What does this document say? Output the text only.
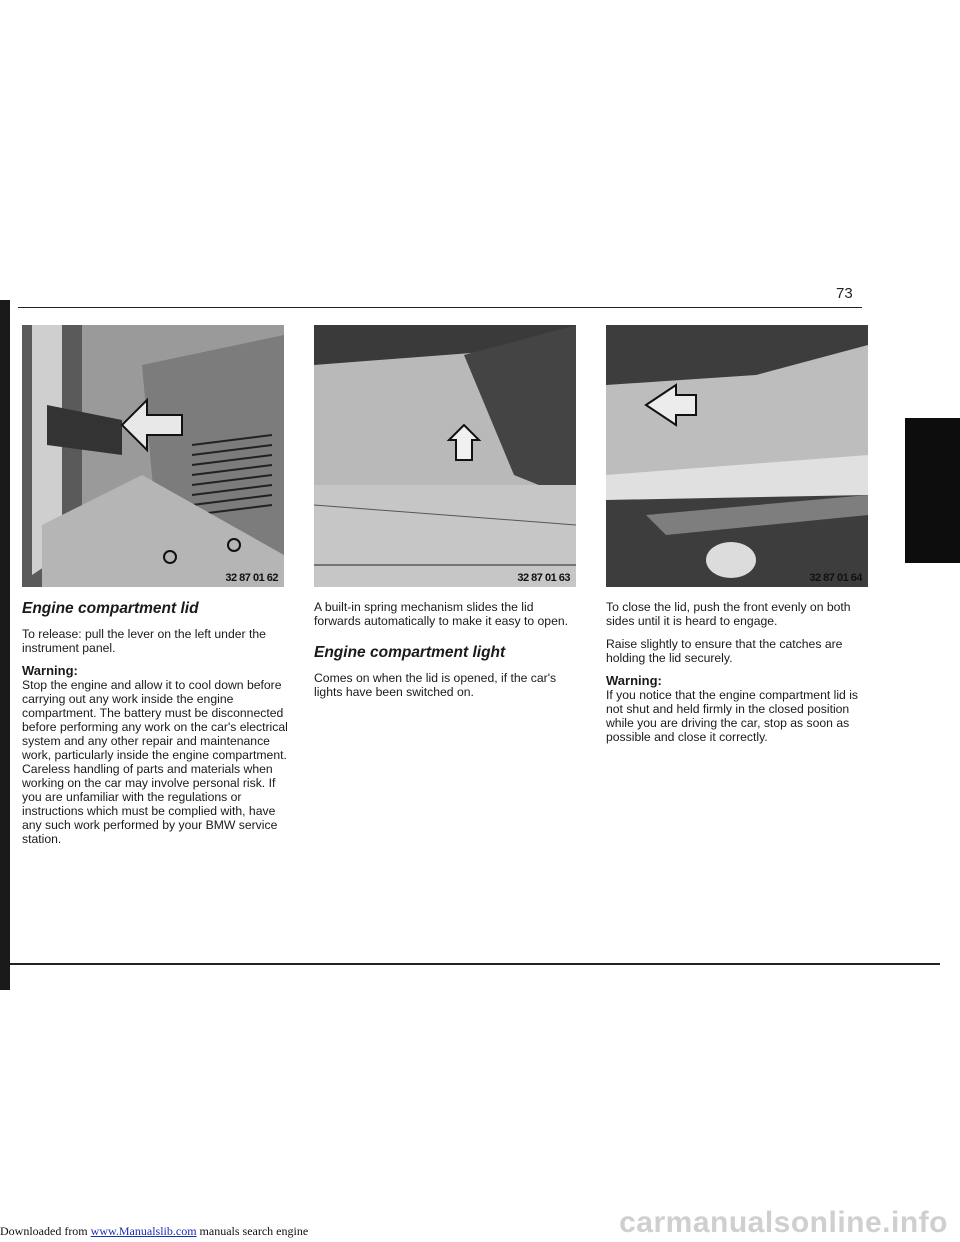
73
32 87 01 62	32 87 01 63	32 87 01 64
Engine compartment lid

To release: pull the lever on the left under the instrument panel.

Warning:
Stop the engine and allow it to cool down before carrying out any work inside the engine compartment. The battery must be disconnected before performing any work on the car's electrical system and any other repair and maintenance work, particularly inside the engine compartment. Careless handling of parts and materials when working on the car may involve personal risk. If you are unfamiliar with the regulations or instructions which must be complied with, have any such work performed by your BMW service station.

A built-in spring mechanism slides the lid forwards automatically to make it easy to open.

Engine compartment light

Comes on when the lid is opened, if the car's lights have been switched on.

To close the lid, push the front evenly on both sides until it is heard to engage.

Raise slightly to ensure that the catches are holding the lid securely.

Warning:
If you notice that the engine compartment lid is not shut and held firmly in the closed position while you are driving the car, stop as soon as possible and close it correctly.

carmanualsonline.info
Downloaded from www.Manualslib.com manuals search engine
